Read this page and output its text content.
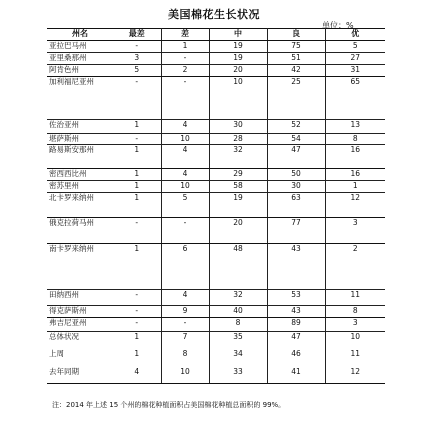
美国棉花生长状况
单位：%
州名	最差	差	中	良	优
亚拉巴马州	-	1	19	75	5
亚里桑那州	3	-	19	51	27
阿肯色州	5	2	20	42	31
加利福尼亚州	-	-	10	25	65
佐治亚州	1	4	30	52	13
堪萨斯州	-	10	28	54	8
路易斯安那州	1	4	32	47	16
密西西比州	1	4	29	50	16
密苏里州	1	10	58	30	1
北卡罗来纳州	1	5	19	63	12
俄克拉荷马州	-	-	20	77	3
南卡罗来纳州	1	6	48	43	2
田纳西州	-	4	32	53	11
得克萨斯州	-	9	40	43	8
弗吉尼亚州	-	-	8	89	3
总体状况	1	7	35	47	10
上周	1	8	34	46	11
去年同期	4	10	33	41	12
注：2014 年上述 15 个州的棉花种植面积占美国棉花种植总面积的 99%。
